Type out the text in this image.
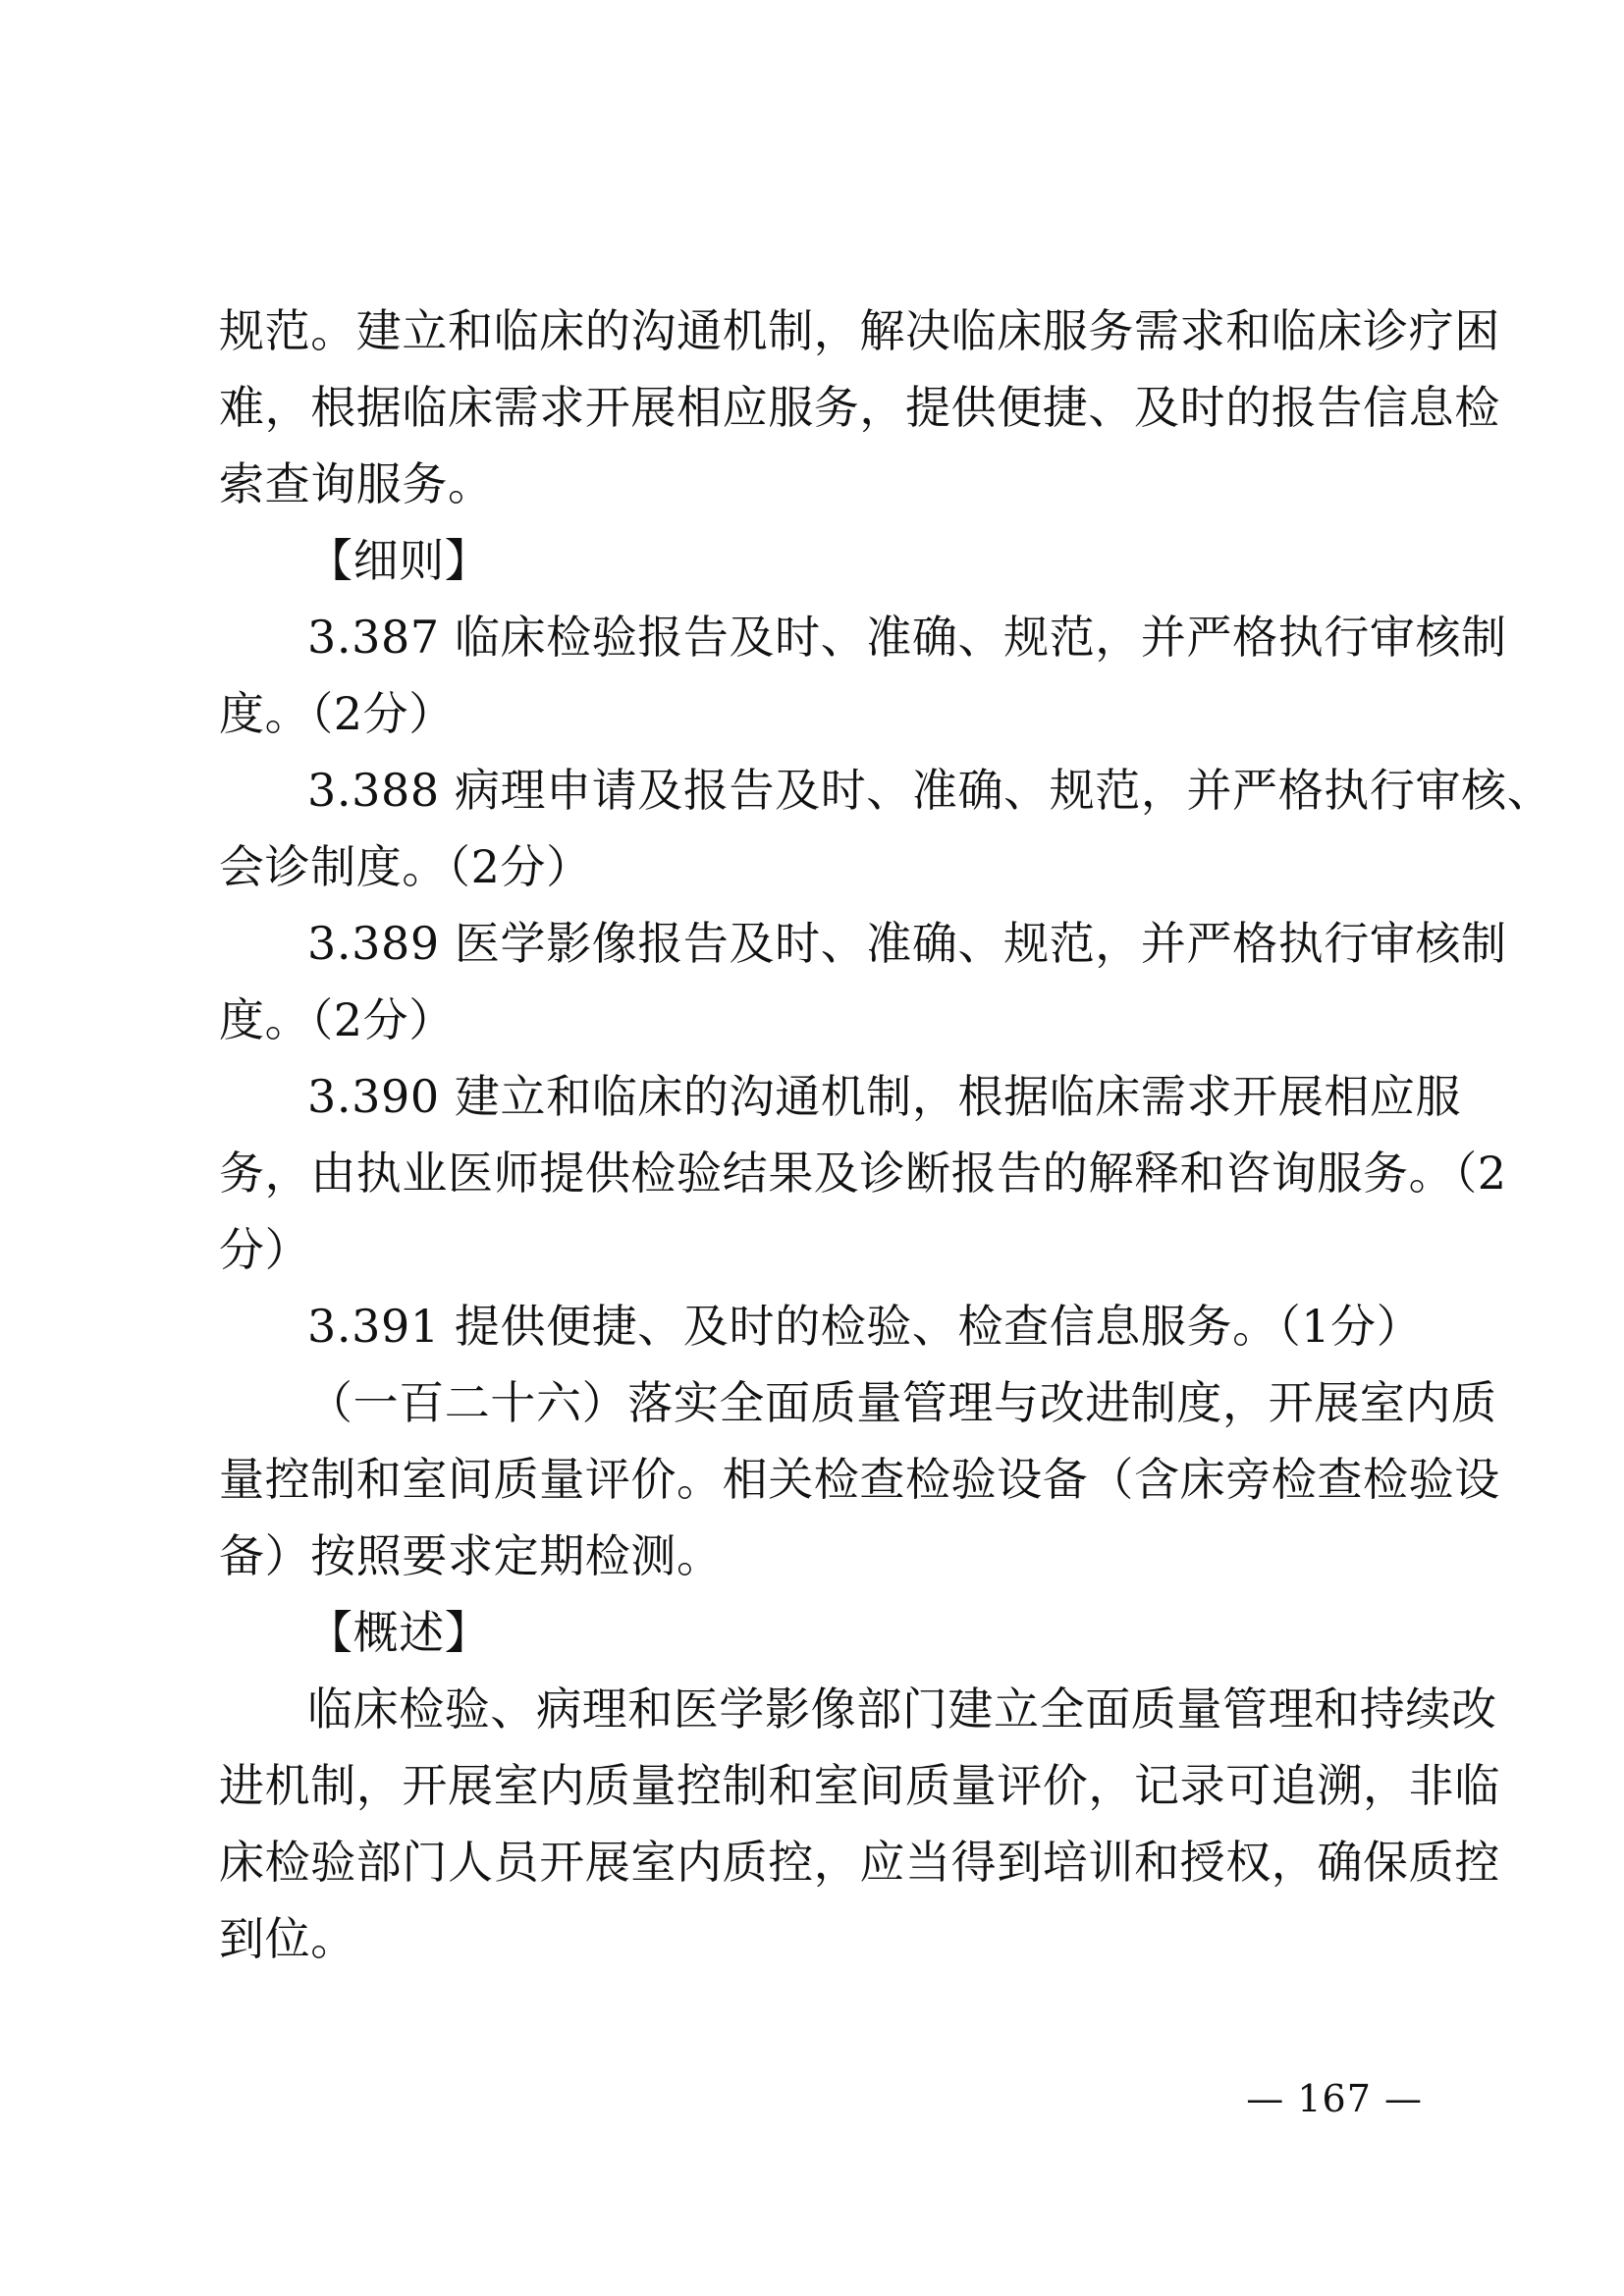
规范。建立和临床的沟通机制，解决临床服务需求和临床诊疗困
难，根据临床需求开展相应服务，提供便捷、及时的报告信息检
索查询服务。
【细则】
3.387 临床检验报告及时、准确、规范，并严格执行审核制
度。（2分）
3.388 病理申请及报告及时、准确、规范，并严格执行审核、
会诊制度。（2分）
3.389 医学影像报告及时、准确、规范，并严格执行审核制
度。（2分）
3.390 建立和临床的沟通机制，根据临床需求开展相应服
务，由执业医师提供检验结果及诊断报告的解释和咨询服务。（2
分）
3.391 提供便捷、及时的检验、检查信息服务。（1分）
（一百二十六）落实全面质量管理与改进制度，开展室内质
量控制和室间质量评价。相关检查检验设备（含床旁检查检验设
备）按照要求定期检测。
【概述】
临床检验、病理和医学影像部门建立全面质量管理和持续改
进机制，开展室内质量控制和室间质量评价，记录可追溯，非临
床检验部门人员开展室内质控，应当得到培训和授权，确保质控
到位。
— 167 —
